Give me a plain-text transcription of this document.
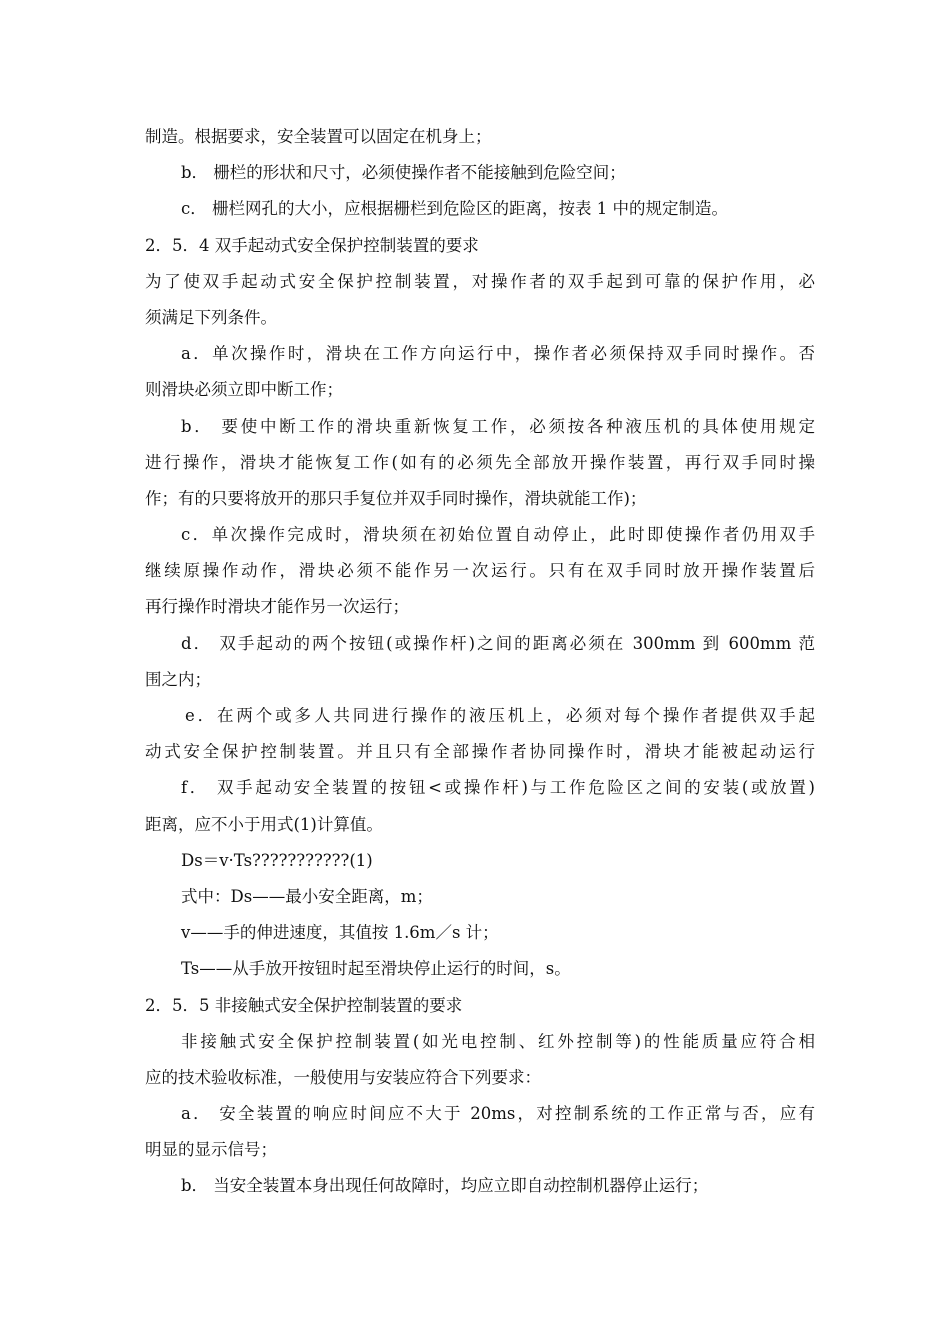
制造。根据要求，安全装置可以固定在机身上；
b． 栅栏的形状和尺寸，必须使操作者不能接触到危险空间；
c． 栅栏网孔的大小，应根据栅栏到危险区的距离，按表 1 中的规定制造。
2．5．4 双手起动式安全保护控制装置的要求
为了使双手起动式安全保护控制装置，对操作者的双手起到可靠的保护作用，必
须满足下列条件。
a．单次操作时，滑块在工作方向运行中，操作者必须保持双手同时操作。否
则滑块必须立即中断工作；
b． 要使中断工作的滑块重新恢复工作，必须按各种液压机的具体使用规定
进行操作，滑块才能恢复工作(如有的必须先全部放开操作装置，再行双手同时操
作；有的只要将放开的那只手复位并双手同时操作，滑块就能工作)；
c．单次操作完成时，滑块须在初始位置自动停止，此时即使操作者仍用双手
继续原操作动作，滑块必须不能作另一次运行。只有在双手同时放开操作装置后
再行操作时滑块才能作另一次运行；
d． 双手起动的两个按钮(或操作杆)之间的距离必须在 300mm 到 600mm 范
围之内；
e．在两个或多人共同进行操作的液压机上，必须对每个操作者提供双手起
动式安全保护控制装置。并且只有全部操作者协同操作时，滑块才能被起动运行
f． 双手起动安全装置的按钮<或操作杆)与工作危险区之间的安装(或放置)
距离，应不小于用式(1)计算值。
Ds＝v·Ts???????????(1)
式中：Ds——最小安全距离，m；
v——手的伸进速度，其值按 1.6m／s 计；
Ts——从手放开按钮时起至滑块停止运行的时间，s。
2．5．5 非接触式安全保护控制装置的要求
非接触式安全保护控制装置(如光电控制、红外控制等)的性能质量应符合相
应的技术验收标准，一般使用与安装应符合下列要求：
a． 安全装置的响应时间应不大于 20ms，对控制系统的工作正常与否，应有
明显的显示信号；
b． 当安全装置本身出现任何故障时，均应立即自动控制机器停止运行；
